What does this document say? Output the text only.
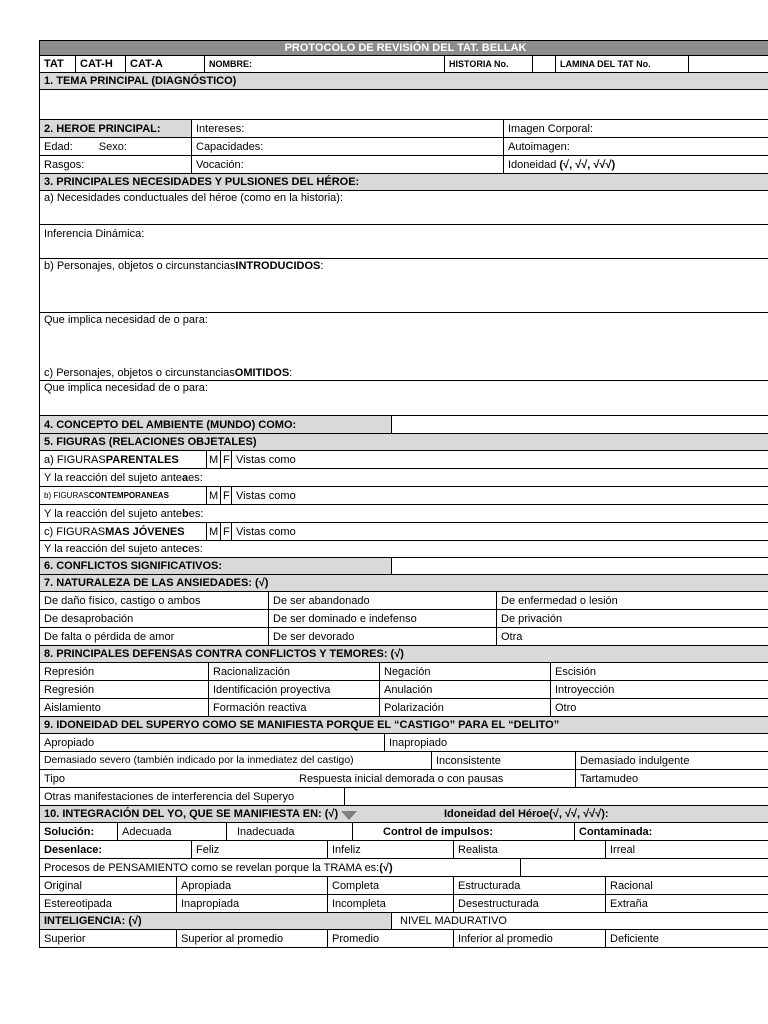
PROTOCOLO DE REVISIÓN DEL TAT. BELLAK
TAT	CAT-H	CAT-A	NOMBRE:	HISTORIA No.	LAMINA DEL TAT No.
1. TEMA PRINCIPAL (DIAGNÓSTICO)
2. HEROE PRINCIPAL:	Intereses:	Imagen Corporal:
Edad: Sexo:	Capacidades:	Autoimagen:
Rasgos:	Vocación:	Idoneidad
(√, √√, √√√)
3. PRINCIPALES NECESIDADES Y PULSIONES DEL HÉROE:
a) Necesidades conductuales del héroe (como en la historia):
Inferencia Dinámica:
b) Personajes, objetos o circunstancias INTRODUCIDOS :
Que implica necesidad de o para:
c) Personajes, objetos o circunstancias OMITIDOS :
Que implica necesidad de o para:
4. CONCEPTO DEL AMBIENTE (MUNDO) COMO:
5. FIGURAS (RELACIONES OBJETALES)
a) FIGURAS PARENTALES	M F Vistas como
Y la reacción del sujeto ante a es:
b) FIGURAS CONTEMPORANEAS	M F Vistas como
Y la reacción del sujeto ante b es:
c) FIGURAS MAS JÓVENES M F Vistas como
Y la reacción del sujeto ante c es:
6. CONFLICTOS SIGNIFICATIVOS:
7. NATURALEZA DE LAS ANSIEDADES: (√)
De daño físico, castigo o ambos	De ser abandonado	De enfermedad o lesión
De desaprobación	De ser dominado e indefenso	De privación
De falta o pérdida de amor	De ser devorado	Otra
8. PRINCIPALES DEFENSAS CONTRA CONFLICTOS Y TEMORES: (√)
Represión	Racionalización	Negación	Escisión
Regresión	Identificación proyectiva	Anulación	Introyección
Aislamiento	Formación reactiva	Polarización	Otro
9. IDONEIDAD DEL SUPERYO COMO SE MANIFIESTA PORQUE EL “CASTIGO” PARA EL “DELITO”
Apropiado	Inapropiado
Demasiado severo (también indicado por la inmediatez del castigo)	Inconsistente	Demasiado indulgente
Tipo	Respuesta inicial demorada o con pausas	Tartamudeo
Otras manifestaciones de interferencia del Superyo
10. INTEGRACIÓN DEL YO, QUE SE MANIFIESTA EN: (√)	Idoneidad del Héroe(√, √√, √√√):
Solución:	Adecuada	Inadecuada	Control de impulsos:	Contaminada:
Desenlace:	Feliz	Infeliz	Realista	Irreal
Procesos de PENSAMIENTO como se revelan porque la TRAMA es: (√)
Original	Apropiada	Completa	Estructurada	Racional
Estereotipada	Inapropiada	Incompleta	Desestructurada	Extraña
INTELIGENCIA: (√)	NIVEL MADURATIVO
Superior	Superior al promedio	Promedio	Inferior al promedio	Deficiente
